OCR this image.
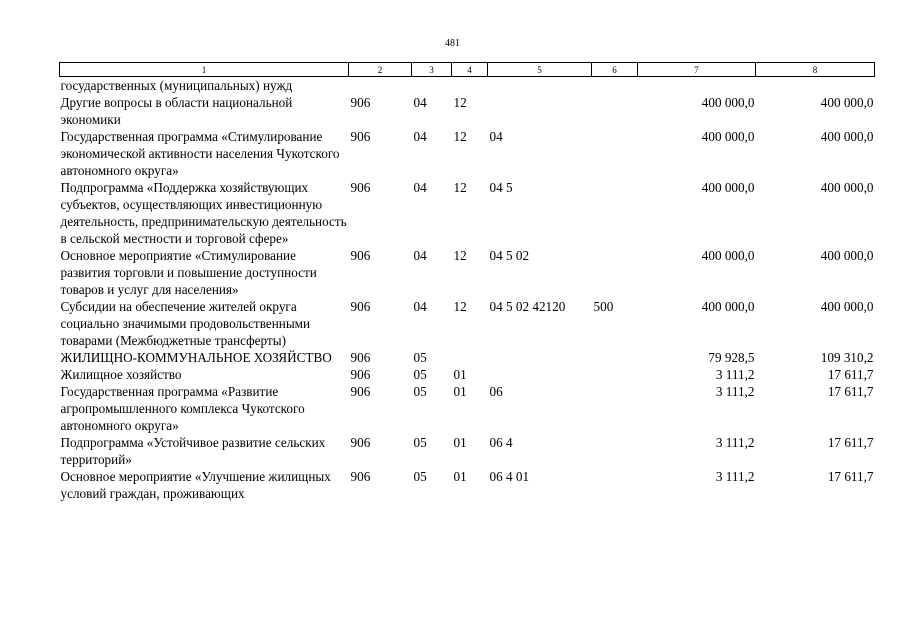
481
1	2	3	4	5	6	7	8
государственных (муниципальных) нужд							
Другие вопросы в области национальной экономики	906	04	12			400 000,0	400 000,0
Государственная программа «Стимулирование экономической активности населения Чукотского автономного округа»	906	04	12	04		400 000,0	400 000,0
Подпрограмма «Поддержка хозяйствующих субъектов, осуществляющих инвестиционную деятельность, предпринимательскую деятельность в сельской местности и торговой сфере»	906	04	12	04 5		400 000,0	400 000,0
Основное мероприятие «Стимулирование развития торговли и повышение доступности товаров и услуг для населения»	906	04	12	04 5 02		400 000,0	400 000,0
Субсидии на обеспечение жителей округа социально значимыми продовольственными товарами (Межбюджетные трансферты)	906	04	12	04 5 02 42120	500	400 000,0	400 000,0
ЖИЛИЩНО-КОММУНАЛЬНОЕ ХОЗЯЙСТВО	906	05				79 928,5	109 310,2
Жилищное хозяйство	906	05	01			3 111,2	17 611,7
Государственная программа «Развитие агропромышленного комплекса Чукотского автономного округа»	906	05	01	06		3 111,2	17 611,7
Подпрограмма «Устойчивое развитие сельских территорий»	906	05	01	06 4		3 111,2	17 611,7
Основное мероприятие «Улучшение жилищных условий граждан, проживающих	906	05	01	06 4 01		3 111,2	17 611,7
